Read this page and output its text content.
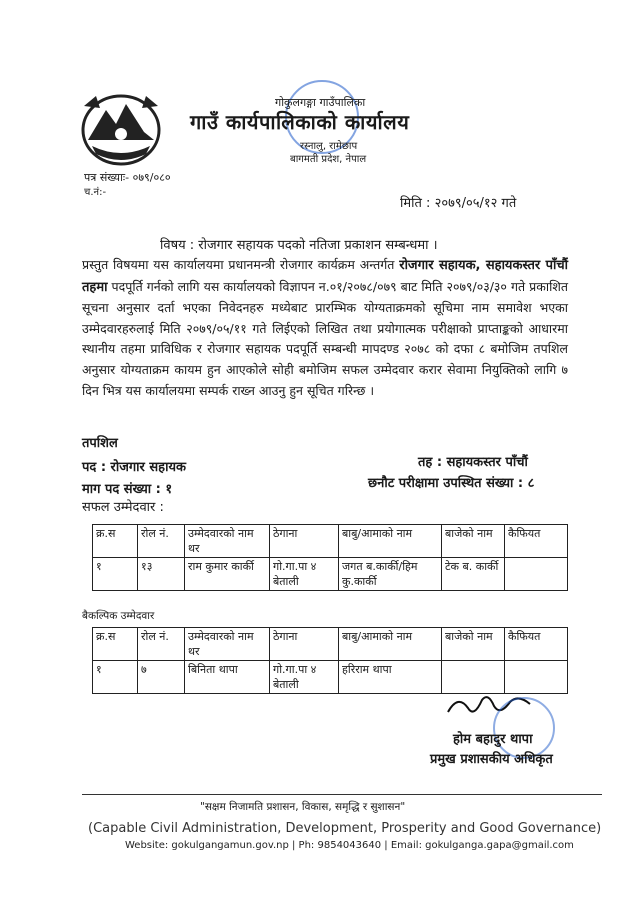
गोकुलगङ्गा गाउँपालिका
गाउँ कार्यपालिकाको कार्यालय
रस्नालु, रामेछाप
बागमती प्रदेश, नेपाल
पत्र संख्याः- ०७९/०८०
च.नं:-
मिति : २०७९/०५/१२ गते
विषय : रोजगार सहायक पदको नतिजा प्रकाशन सम्बन्धमा ।
प्रस्तुत विषयमा यस कार्यालयमा प्रधानमन्त्री रोजगार कार्यक्रम अन्तर्गत रोजगार सहायक, सहायकस्तर पाँचौं तहमा पदपूर्ति गर्नको लागि यस कार्यालयको विज्ञापन न.०१/२०७८/०७९ बाट मिति २०७९/०३/३० गते प्रकाशित सूचना अनुसार दर्ता भएका निवेदनहरु मध्येबाट प्रारम्भिक योग्यताक्रमको सूचिमा नाम समावेश भएका उम्मेदवारहरुलाई मिति २०७९/०५/११ गते लिईएको लिखित तथा प्रयोगात्मक परीक्षाको प्राप्ताङ्कको आधारमा स्थानीय तहमा प्राविधिक र रोजगार सहायक पदपूर्ति सम्बन्धी मापदण्ड २०७८ को दफा ८ बमोजिम तपशिल अनुसार योग्यताक्रम कायम हुन आएकोले सोही बमोजिम सफल उम्मेदवार करार सेवामा नियुक्तिको लागि ७ दिन भित्र यस कार्यालयमा सम्पर्क राख्न आउनु हुन सूचित गरिन्छ ।
तपशिल
पद : रोजगार सहायक	तह : सहायकस्तर पाँचौं
छनौट परीक्षामा उपस्थित संख्या : ८
माग पद संख्या : १
सफल उम्मेदवार :
क्र.स	रोल नं.	उम्मेदवारको नाम थर	ठेगाना	बाबु/आमाको नाम	बाजेको नाम	कैफियत
१	१३	राम कुमार कार्की	गो.गा.पा ४ बेताली	जगत ब.कार्की/हिम कु.कार्की	टेक ब. कार्की	
बैकल्पिक उम्मेदवार
क्र.स	रोल नं.	उम्मेदवारको नाम थर	ठेगाना	बाबु/आमाको नाम	बाजेको नाम	कैफियत
१	७	बिनिता थापा	गो.गा.पा ४ बेताली	हरिराम थापा		
होम बहादुर थापा
प्रमुख प्रशासकीय अधिकृत
"सक्षम निजामति प्रशासन, विकास, समृद्धि र सुशासन"
(Capable Civil Administration, Development, Prosperity and Good Governance)
Website: gokulgangamun.gov.np | Ph: 9854043640 | Email: gokulganga.gapa@gmail.com
